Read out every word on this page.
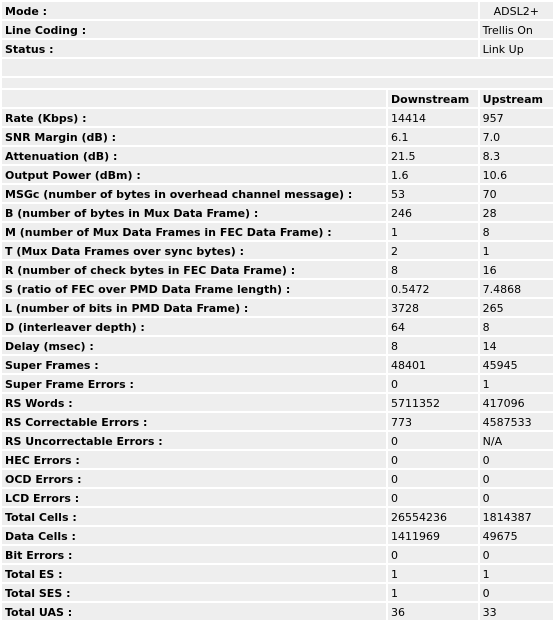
Mode :		ADSL2+
Line Coding :		Trellis On
Status :		Link Up

	Downstream	Upstream
Rate (Kbps) :	14414	957
SNR Margin (dB) :	6.1	7.0
Attenuation (dB) :	21.5	8.3
Output Power (dBm) :	1.6	10.6
MSGc (number of bytes in overhead channel message) :	53	70
B (number of bytes in Mux Data Frame) :	246	28
M (number of Mux Data Frames in FEC Data Frame) :	1	8
T (Mux Data Frames over sync bytes) :	2	1
R (number of check bytes in FEC Data Frame) :	8	16
S (ratio of FEC over PMD Data Frame length) :	0.5472	7.4868
L (number of bits in PMD Data Frame) :	3728	265
D (interleaver depth) :	64	8
Delay (msec) :	8	14
Super Frames :	48401	45945
Super Frame Errors :	0	1
RS Words :	5711352	417096
RS Correctable Errors :	773	4587533
RS Uncorrectable Errors :	0	N/A
HEC Errors :	0	0
OCD Errors :	0	0
LCD Errors :	0	0
Total Cells :	26554236	1814387
Data Cells :	1411969	49675
Bit Errors :	0	0
Total ES :	1	1
Total SES :	1	0
Total UAS :	36	33
